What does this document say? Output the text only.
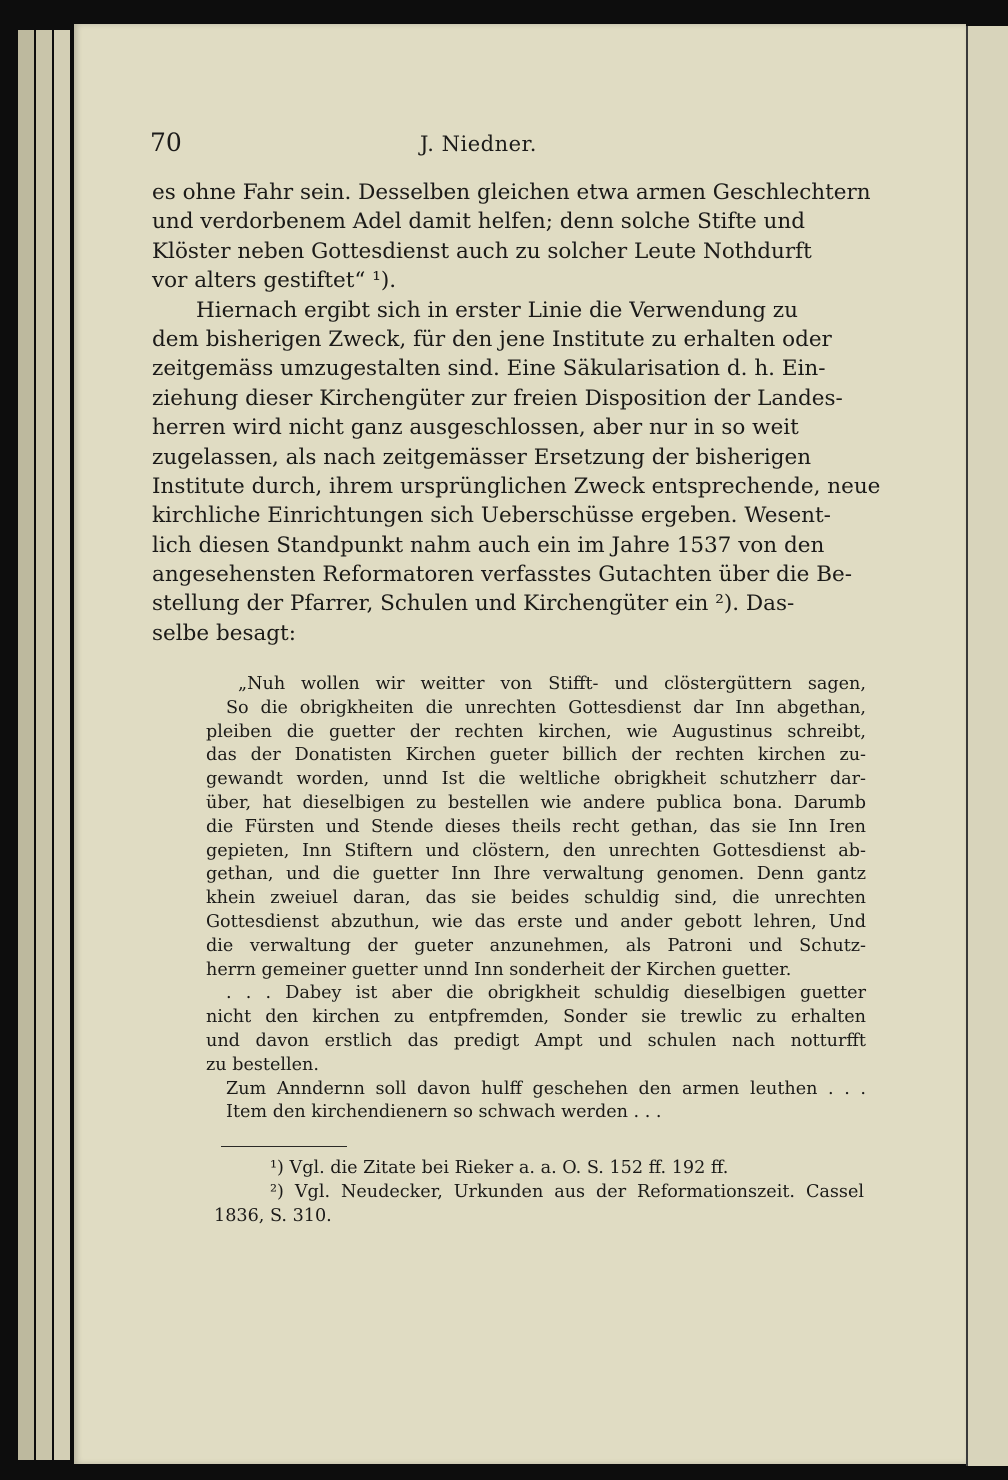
70	J. Niedner.
es ohne Fahr sein. Desselben gleichen etwa armen Geschlechtern
und verdorbenem Adel damit helfen; denn solche Stifte und
Klöster neben Gottesdienst auch zu solcher Leute Nothdurft
vor alters gestiftet“ ¹).
Hiernach ergibt sich in erster Linie die Verwendung zu
dem bisherigen Zweck, für den jene Institute zu erhalten oder
zeitgemäss umzugestalten sind. Eine Säkularisation d. h. Ein-
ziehung dieser Kirchengüter zur freien Disposition der Landes-
herren wird nicht ganz ausgeschlossen, aber nur in so weit
zugelassen, als nach zeitgemässer Ersetzung der bisherigen
Institute durch, ihrem ursprünglichen Zweck entsprechende, neue
kirchliche Einrichtungen sich Ueberschüsse ergeben. Wesent-
lich diesen Standpunkt nahm auch ein im Jahre 1537 von den
angesehensten Reformatoren verfasstes Gutachten über die Be-
stellung der Pfarrer, Schulen und Kirchengüter ein ²). Das-
selbe besagt:
„Nuh wollen wir weitter von Stifft- und clöstergüttern sagen,
So die obrigkheiten die unrechten Gottesdienst dar Inn abgethan,
pleiben die guetter der rechten kirchen, wie Augustinus schreibt,
das der Donatisten Kirchen gueter billich der rechten kirchen zu-
gewandt worden, unnd Ist die weltliche obrigkheit schutzherr dar-
über, hat dieselbigen zu bestellen wie andere publica bona. Darumb
die Fürsten und Stende dieses theils recht gethan, das sie Inn Iren
gepieten, Inn Stiftern und clöstern, den unrechten Gottesdienst ab-
gethan, und die guetter Inn Ihre verwaltung genomen. Denn gantz
khein zweiuel daran, das sie beides schuldig sind, die unrechten
Gottesdienst abzuthun, wie das erste und ander gebott lehren, Und
die verwaltung der gueter anzunehmen, als Patroni und Schutz-
herrn gemeiner guetter unnd Inn sonderheit der Kirchen guetter.
. . . Dabey ist aber die obrigkheit schuldig dieselbigen guetter
nicht den kirchen zu entpfremden, Sonder sie trewlic zu erhalten
und davon erstlich das predigt Ampt und schulen nach notturfft
zu bestellen.
Zum Anndernn soll davon hulff geschehen den armen leuthen . . .
Item den kirchendienern so schwach werden . . .
¹) Vgl. die Zitate bei Rieker a. a. O. S. 152 ff. 192 ff.
²) Vgl. Neudecker, Urkunden aus der Reformationszeit. Cassel
1836, S. 310.
